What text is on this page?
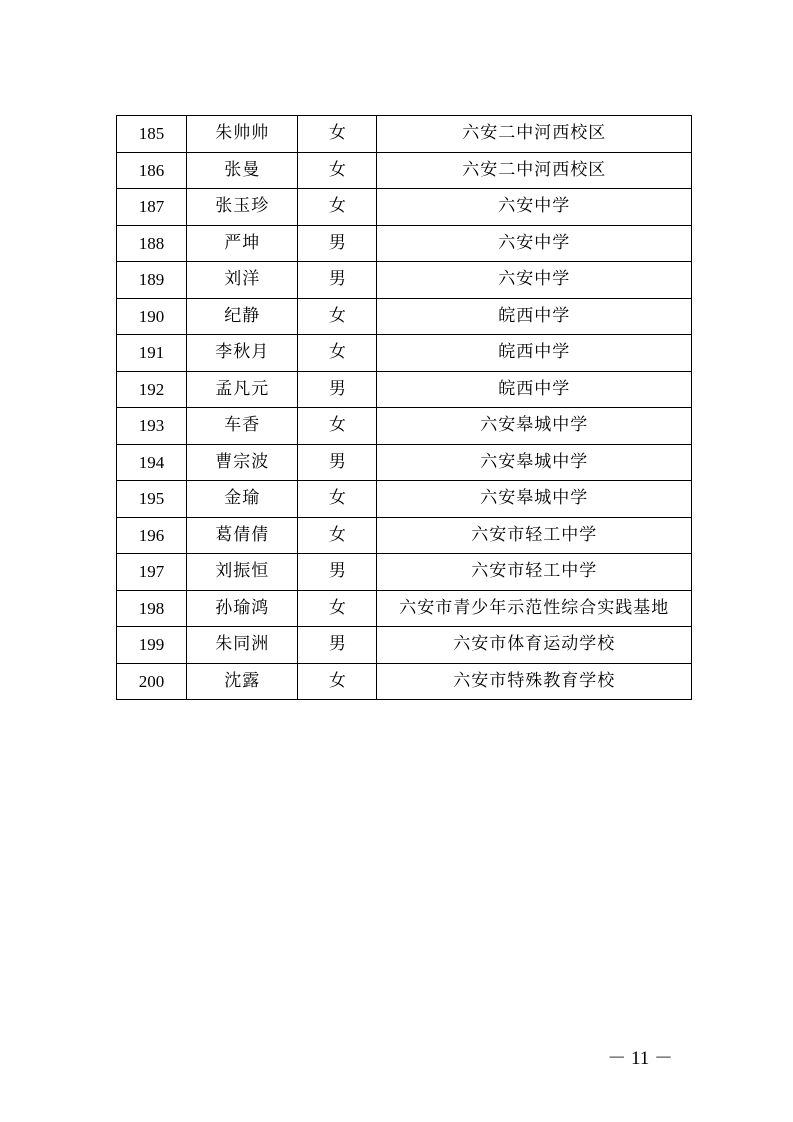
185	朱帅帅	女	六安二中河西校区
186	张曼	女	六安二中河西校区
187	张玉珍	女	六安中学
188	严坤	男	六安中学
189	刘洋	男	六安中学
190	纪静	女	皖西中学
191	李秋月	女	皖西中学
192	孟凡元	男	皖西中学
193	车香	女	六安皋城中学
194	曹宗波	男	六安皋城中学
195	金瑜	女	六安皋城中学
196	葛倩倩	女	六安市轻工中学
197	刘振恒	男	六安市轻工中学
198	孙瑜鸿	女	六安市青少年示范性综合实践基地
199	朱同洲	男	六安市体育运动学校
200	沈露	女	六安市特殊教育学校
－ 11 －
